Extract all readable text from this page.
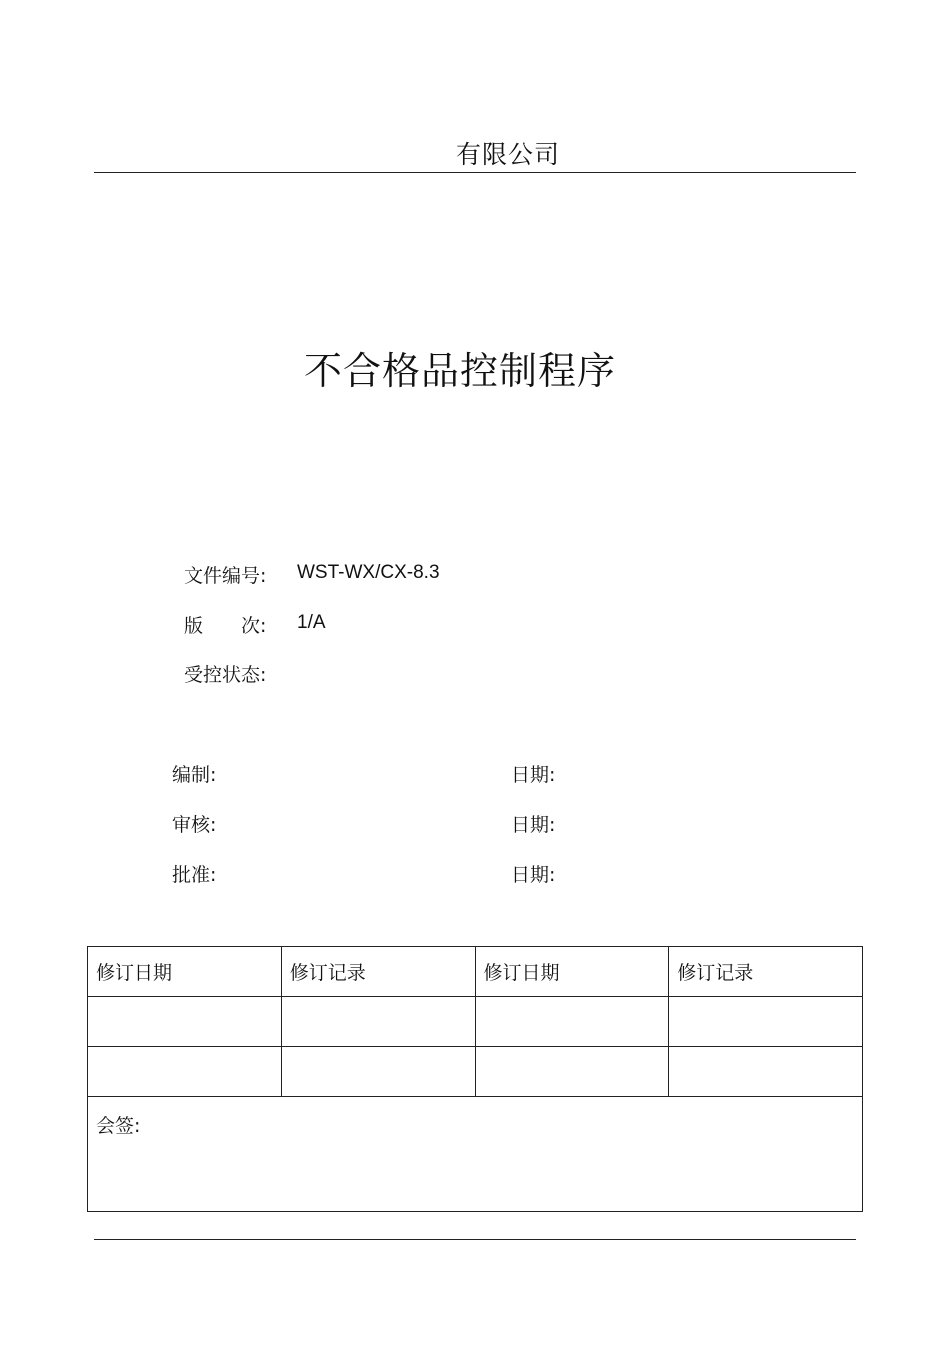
有限公司
不合格品控制程序
文件编号: WST-WX/CX-8.3
版　　次: 1/A
受控状态:
编制:	日期:
审核:	日期:
批准:	日期:
修订日期	修订记录	修订日期	修订记录

会签:			
